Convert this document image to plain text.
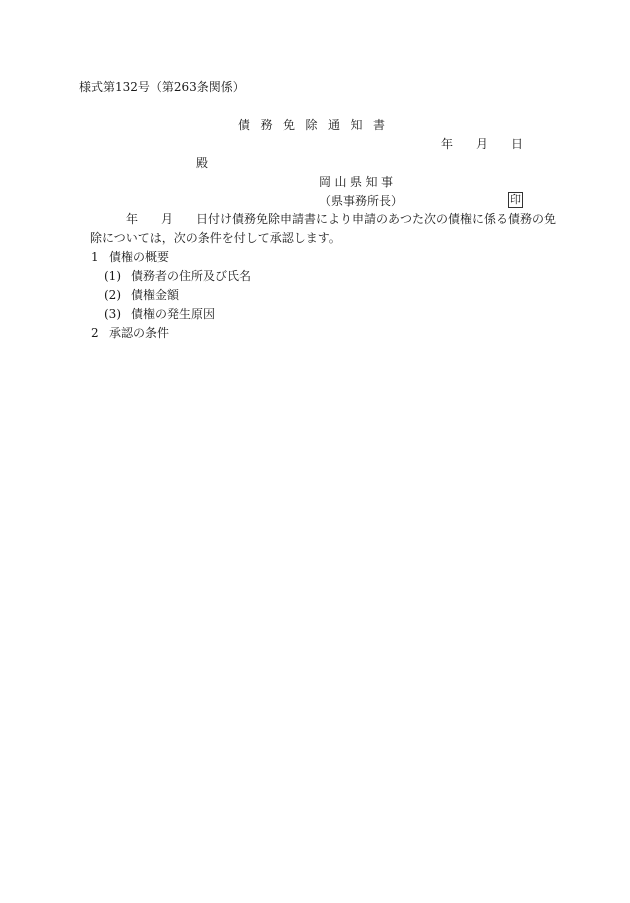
様式第132号（第263条関係）

債務免除通知書

年 月 日

殿

岡山県知事

（県事務所長）	印

年 月 日付け債務免除申請書により申請のあつた次の債権に係る債務の免

除については，次の条件を付して承認します。

1 債権の概要

(1) 債務者の住所及び氏名

(2) 債権金額

(3) 債権の発生原因

2 承認の条件
